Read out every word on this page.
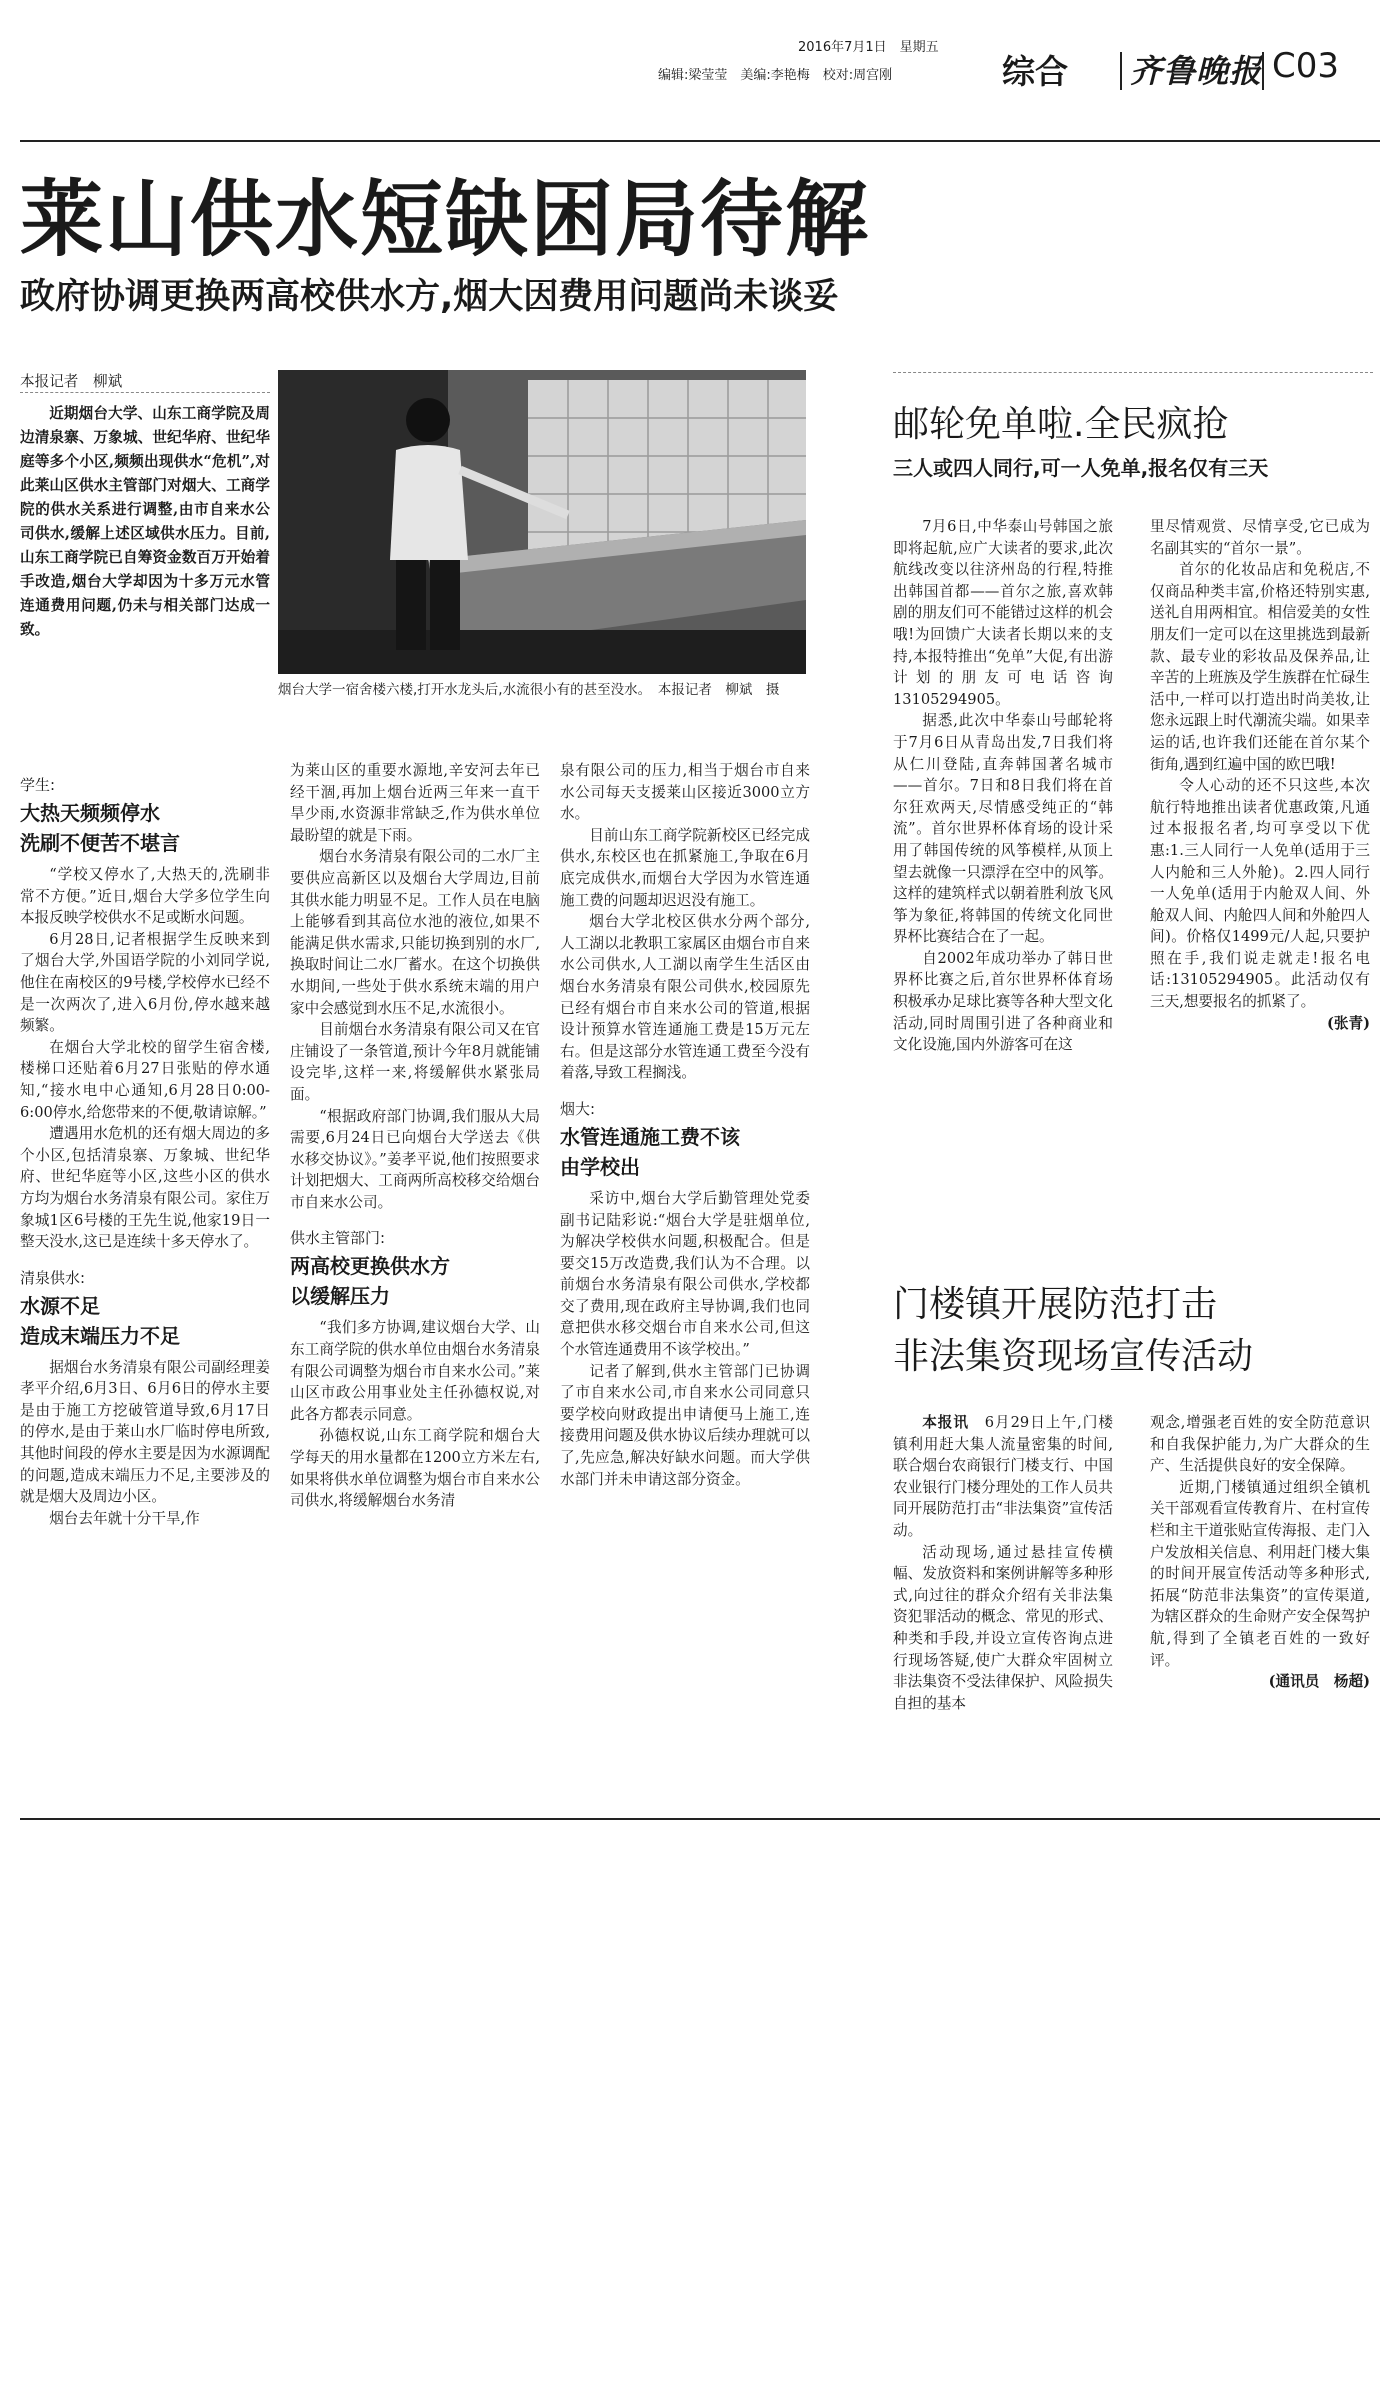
2016年7月1日　星期五
编辑:梁莹莹　美编:李艳梅　校对:周宫刚	综合 齐鲁晚报 C03
莱山供水短缺困局待解
政府协调更换两高校供水方,烟大因费用问题尚未谈妥
本报记者　柳斌

近期烟台大学、山东工商学院及周边清泉寨、万象城、世纪华府、世纪华庭等多个小区,频频出现供水“危机”,对此莱山区供水主管部门对烟大、工商学院的供水关系进行调整,由市自来水公司供水,缓解上述区域供水压力。目前,山东工商学院已自筹资金数百万开始着手改造,烟台大学却因为十多万元水管连通费用问题,仍未与相关部门达成一致。

烟台大学一宿舍楼六楼,打开水龙头后,水流很小有的甚至没水。　本报记者　柳斌　摄

学生:
大热天频频停水
洗刷不便苦不堪言

“学校又停水了,大热天的,洗刷非常不方便。”近日,烟台大学多位学生向本报反映学校供水不足或断水问题。

6月28日,记者根据学生反映来到了烟台大学,外国语学院的小刘同学说,他住在南校区的9号楼,学校停水已经不是一次两次了,进入6月份,停水越来越频繁。

在烟台大学北校的留学生宿舍楼,楼梯口还贴着6月27日张贴的停水通知,“接水电中心通知,6月28日0:00-6:00停水,给您带来的不便,敬请谅解。”

遭遇用水危机的还有烟大周边的多个小区,包括清泉寨、万象城、世纪华府、世纪华庭等小区,这些小区的供水方均为烟台水务清泉有限公司。家住万象城1区6号楼的王先生说,他家19日一整天没水,这已是连续十多天停水了。

清泉供水:
水源不足
造成末端压力不足

据烟台水务清泉有限公司副经理姜孝平介绍,6月3日、6月6日的停水主要是由于施工方挖破管道导致,6月17日的停水,是由于莱山水厂临时停电所致,其他时间段的停水主要是因为水源调配的问题,造成末端压力不足,主要涉及的就是烟大及周边小区。

烟台去年就十分干旱,作

为莱山区的重要水源地,辛安河去年已经干涸,再加上烟台近两三年来一直干旱少雨,水资源非常缺乏,作为供水单位最盼望的就是下雨。

烟台水务清泉有限公司的二水厂主要供应高新区以及烟台大学周边,目前其供水能力明显不足。工作人员在电脑上能够看到其高位水池的液位,如果不能满足供水需求,只能切换到别的水厂,换取时间让二水厂蓄水。在这个切换供水期间,一些处于供水系统末端的用户家中会感觉到水压不足,水流很小。

目前烟台水务清泉有限公司又在官庄铺设了一条管道,预计今年8月就能铺设完毕,这样一来,将缓解供水紧张局面。

“根据政府部门协调,我们服从大局需要,6月24日已向烟台大学送去《供水移交协议》。”姜孝平说,他们按照要求计划把烟大、工商两所高校移交给烟台市自来水公司。

供水主管部门:
两高校更换供水方
以缓解压力

“我们多方协调,建议烟台大学、山东工商学院的供水单位由烟台水务清泉有限公司调整为烟台市自来水公司。”莱山区市政公用事业处主任孙德权说,对此各方都表示同意。

孙德权说,山东工商学院和烟台大学每天的用水量都在1200立方米左右,如果将供水单位调整为烟台市自来水公司供水,将缓解烟台水务清

泉有限公司的压力,相当于烟台市自来水公司每天支援莱山区接近3000立方水。

目前山东工商学院新校区已经完成供水,东校区也在抓紧施工,争取在6月底完成供水,而烟台大学因为水管连通施工费的问题却迟迟没有施工。

烟台大学北校区供水分两个部分,人工湖以北教职工家属区由烟台市自来水公司供水,人工湖以南学生生活区由烟台水务清泉有限公司供水,校园原先已经有烟台市自来水公司的管道,根据设计预算水管连通施工费是15万元左右。但是这部分水管连通工费至今没有着落,导致工程搁浅。

烟大:
水管连通施工费不该
由学校出

采访中,烟台大学后勤管理处党委副书记陆彩说:“烟台大学是驻烟单位,为解决学校供水问题,积极配合。但是要交15万改造费,我们认为不合理。以前烟台水务清泉有限公司供水,学校都交了费用,现在政府主导协调,我们也同意把供水移交烟台市自来水公司,但这个水管连通费用不该学校出。”

记者了解到,供水主管部门已协调了市自来水公司,市自来水公司同意只要学校向财政提出申请便马上施工,连接费用问题及供水协议后续办理就可以了,先应急,解决好缺水问题。而大学供水部门并未申请这部分资金。

邮轮免单啦.全民疯抢
三人或四人同行,可一人免单,报名仅有三天

7月6日,中华泰山号韩国之旅即将起航,应广大读者的要求,此次航线改变以往济州岛的行程,特推出韩国首都——首尔之旅,喜欢韩剧的朋友们可不能错过这样的机会哦!为回馈广大读者长期以来的支持,本报特推出“免单”大促,有出游计划的朋友可电话咨询13105294905。

据悉,此次中华泰山号邮轮将于7月6日从青岛出发,7日我们将从仁川登陆,直奔韩国著名城市——首尔。7日和8日我们将在首尔狂欢两天,尽情感受纯正的“韩流”。首尔世界杯体育场的设计采用了韩国传统的风筝模样,从顶上望去就像一只漂浮在空中的风筝。这样的建筑样式以朝着胜利放飞风筝为象征,将韩国的传统文化同世界杯比赛结合在了一起。

自2002年成功举办了韩日世界杯比赛之后,首尔世界杯体育场积极承办足球比赛等各种大型文化活动,同时周围引进了各种商业和文化设施,国内外游客可在这

里尽情观赏、尽情享受,它已成为名副其实的“首尔一景”。

首尔的化妆品店和免税店,不仅商品种类丰富,价格还特别实惠,送礼自用两相宜。相信爱美的女性朋友们一定可以在这里挑选到最新款、最专业的彩妆品及保养品,让辛苦的上班族及学生族群在忙碌生活中,一样可以打造出时尚美妆,让您永远跟上时代潮流尖端。如果幸运的话,也许我们还能在首尔某个街角,遇到红遍中国的欧巴哦!

令人心动的还不只这些,本次航行特地推出读者优惠政策,凡通过本报报名者,均可享受以下优惠:1.三人同行一人免单(适用于三人内舱和三人外舱)。2.四人同行一人免单(适用于内舱双人间、外舱双人间、内舱四人间和外舱四人间)。价格仅1499元/人起,只要护照在手,我们说走就走!报名电话:13105294905。此活动仅有三天,想要报名的抓紧了。

(张青)
门楼镇开展防范打击
非法集资现场宣传活动

本报讯　 6月29日上午,门楼镇利用赶大集人流量密集的时间,联合烟台农商银行门楼支行、中国农业银行门楼分理处的工作人员共同开展防范打击“非法集资”宣传活动。

活动现场,通过悬挂宣传横幅、发放资料和案例讲解等多种形式,向过往的群众介绍有关非法集资犯罪活动的概念、常见的形式、种类和手段,并设立宣传咨询点进行现场答疑,使广大群众牢固树立非法集资不受法律保护、风险损失自担的基本

观念,增强老百姓的安全防范意识和自我保护能力,为广大群众的生产、生活提供良好的安全保障。

近期,门楼镇通过组织全镇机关干部观看宣传教育片、在村宣传栏和主干道张贴宣传海报、走门入户发放相关信息、利用赶门楼大集的时间开展宣传活动等多种形式,拓展“防范非法集资”的宣传渠道,为辖区群众的生命财产安全保驾护航,得到了全镇老百姓的一致好评。

(通讯员　杨超)
